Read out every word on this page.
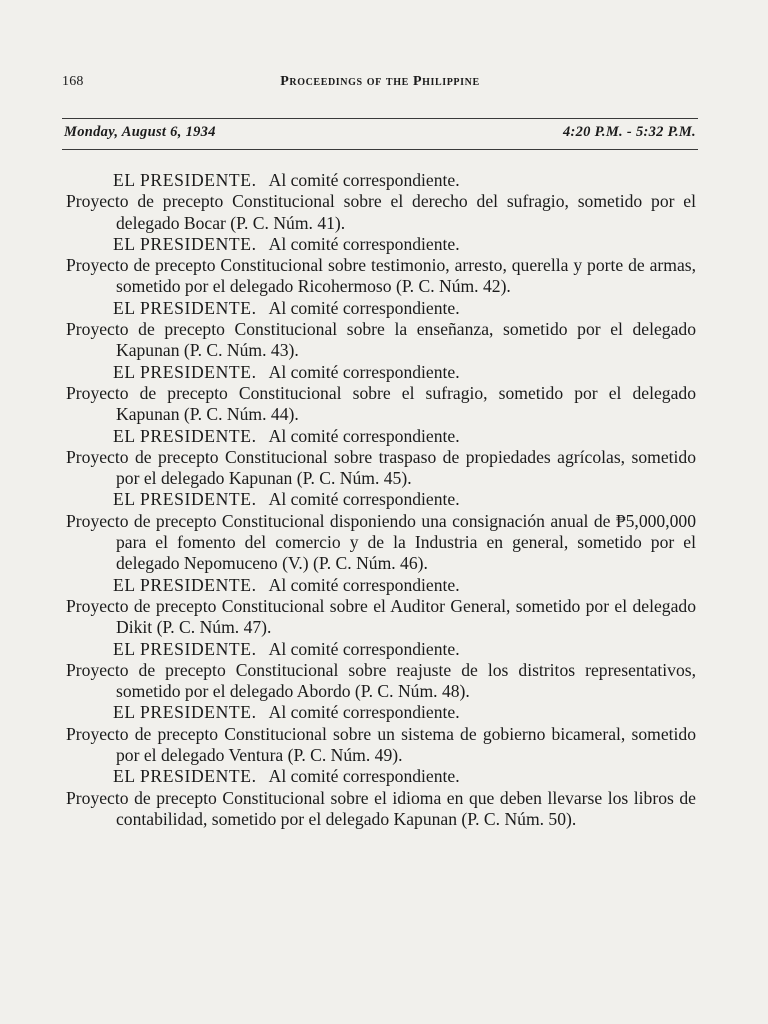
168	Proceedings of the Philippine
Monday, August 6, 1934	4:20 P.M. - 5:32 P.M.

EL PRESIDENTE. Al comité correspondiente.

Proyecto de precepto Constitucional sobre el derecho del sufragio, sometido por el delegado Bocar (P. C. Núm. 41).

EL PRESIDENTE. Al comité correspondiente.

Proyecto de precepto Constitucional sobre testimonio, arresto, querella y porte de armas, sometido por el delegado Ricohermoso (P. C. Núm. 42).

EL PRESIDENTE. Al comité correspondiente.

Proyecto de precepto Constitucional sobre la enseñanza, sometido por el delegado Kapunan (P. C. Núm. 43).

EL PRESIDENTE. Al comité correspondiente.

Proyecto de precepto Constitucional sobre el sufragio, sometido por el delegado Kapunan (P. C. Núm. 44).

EL PRESIDENTE. Al comité correspondiente.

Proyecto de precepto Constitucional sobre traspaso de propiedades agrícolas, sometido por el delegado Kapunan (P. C. Núm. 45).

EL PRESIDENTE. Al comité correspondiente.

Proyecto de precepto Constitucional disponiendo una consignación anual de ₱5,000,000 para el fomento del comercio y de la Industria en general, sometido por el delegado Nepomuceno (V.) (P. C. Núm. 46).

EL PRESIDENTE. Al comité correspondiente.

Proyecto de precepto Constitucional sobre el Auditor General, sometido por el delegado Dikit (P. C. Núm. 47).

EL PRESIDENTE. Al comité correspondiente.

Proyecto de precepto Constitucional sobre reajuste de los distritos representativos, sometido por el delegado Abordo (P. C. Núm. 48).

EL PRESIDENTE. Al comité correspondiente.

Proyecto de precepto Constitucional sobre un sistema de gobierno bicameral, sometido por el delegado Ventura (P. C. Núm. 49).

EL PRESIDENTE. Al comité correspondiente.

Proyecto de precepto Constitucional sobre el idioma en que deben llevarse los libros de contabilidad, sometido por el delegado Kapunan (P. C. Núm. 50).
